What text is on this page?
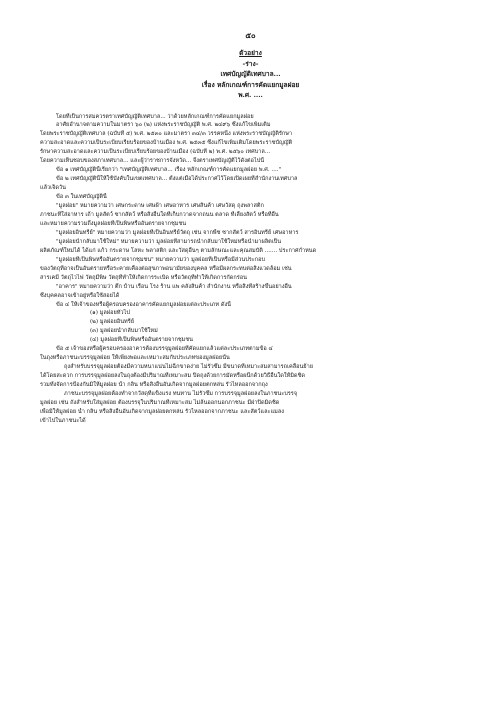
๕๐
ตัวอย่าง
-ร่าง-
เทศบัญญัติเทศบาล...
เรื่อง หลักเกณฑ์การคัดแยกมูลฝอย
พ.ศ. ....
โดยที่เป็นการสมควรตราเทศบัญญัติเทศบาล... ว่าด้วยหลักเกณฑ์การคัดแยกมูลฝอย
อาศัยอำนาจตามความในมาตรา ๖๐ (๒) แห่งพระราชบัญญัติ พ.ศ. ๒๔๙๖ ซึ่งแก้ไขเพิ่มเติม
โดยพระราชบัญญัติเทศบาล (ฉบับที่ ๕) พ.ศ. ๒๕๓๐ และมาตรา ๓๔/๓ วรรคหนึ่ง แห่งพระราชบัญญัติรักษา
ความสะอาดและความเป็นระเบียบเรียบร้อยของบ้านเมือง พ.ศ. ๒๕๓๕ ซึ่งแก้ไขเพิ่มเติมโดยพระราชบัญญัติ
รักษาความสะอาดและความเป็นระเบียบเรียบร้อยของบ้านเมือง (ฉบับที่ ๒) พ.ศ. ๒๕๖๐ เทศบาล...
โดยความเห็นชอบของสภาเทศบาล... และผู้ว่าราชการจังหวัด... จึงตราเทศบัญญัติไว้ดังต่อไปนี้
ข้อ ๑ เทศบัญญัตินี้เรียกว่า "เทศบัญญัติเทศบาล... เรื่อง หลักเกณฑ์การคัดแยกมูลฝอย พ.ศ. ...."
ข้อ ๒ เทศบัญญัตินี้ให้ใช้บังคับในเขตเทศบาล... ตั้งแต่เมื่อได้ประกาศไว้โดยเปิดเผยที่สำนักงานเทศบาล
แล้วเจ็ดวัน
ข้อ ๓ ในเทศบัญญัตินี้
"มูลฝอย" หมายความว่า เศษกระดาษ เศษผ้า เศษอาหาร เศษสินค้า เศษวัสดุ ถุงพลาสติก
ภาชนะที่ใส่อาหาร เถ้า มูลสัตว์ ซากสัตว์ หรือสิ่งอื่นใดที่เก็บกวาดจากถนน ตลาด ที่เลี้ยงสัตว์ หรือที่อื่น
และหมายความรวมถึงมูลฝอยที่เป็นพิษหรืออันตรายจากชุมชน
"มูลฝอยอินทรีย์" หมายความว่า มูลฝอยที่เป็นอินทรีย์วัตถุ เช่น จากพืช ซากสัตว์ สารอินทรีย์ เศษอาหาร
"มูลฝอยนำกลับมาใช้ใหม่" หมายความว่า มูลฝอยที่สามารถนำกลับมาใช้ใหม่หรือนำมาผลิตเป็น
ผลิตภัณฑ์ใหม่ได้ ได้แก่ แก้ว กระดาษ โลหะ พลาสติก และวัสดุอื่นๆ ตามลักษณะและคุณสมบัติ ....... ประกาศกำหนด
"มูลฝอยที่เป็นพิษหรืออันตรายจากชุมชน" หมายความว่า มูลฝอยที่เป็นหรือมีส่วนประกอบ
ของวัตถุที่อาจเป็นอันตรายหรือระคายเคืองต่อสุขภาพอนามัยของบุคคล หรือมีผลกระทบต่อสิ่งแวดล้อม เช่น
สารเคมี วัตถุไวไฟ วัตถุมีพิษ วัตถุที่ทำให้เกิดการระเบิด หรือวัตถุที่ทำให้เกิดการกัดกร่อน
"อาคาร" หมายความว่า ตึก บ้าน เรือน โรง ร้าน แพ คลังสินค้า สำนักงาน หรือสิ่งที่สร้างขึ้นอย่างอื่น
ซึ่งบุคคลอาจเข้าอยู่หรือใช้สอยได้
ข้อ ๔ ให้เจ้าของหรือผู้ครอบครองอาคารคัดแยกมูลฝอยแต่ละประเภท ดังนี้
(๑) มูลฝอยทั่วไป
(๒) มูลฝอยอินทรีย์
(๓) มูลฝอยนำกลับมาใช้ใหม่
(๔) มูลฝอยที่เป็นพิษหรืออันตรายจากชุมชน
ข้อ ๕ เจ้าของหรือผู้ครอบครองอาคารต้องบรรจุมูลฝอยที่คัดแยกแล้วแต่ละประเภทตามข้อ ๔
ในถุงหรือภาชนะบรรจุมูลฝอย ให้เพียงพอและเหมาะสมกับประเภทของมูลฝอยนั้น
ถุงสำหรับบรรจุมูลฝอยต้องมีความหนาแน่นไม่ฉีกขาดง่าย ไม่รั่วซึม มีขนาดที่เหมาะสมสามารถเคลื่อนย้าย
ได้โดยสะดวก การบรรจุมูลฝอยลงในถุงต้องมีปริมาณที่เหมาะสม ปิดถุงด้วยการมัดหรือผนึกด้วยวิธีอื่นใดให้มิดชิด
รวมทั้งจัดการป้องกันมิให้มูลฝอย น้ำ กลิ่น หรือสิ่งอื่นอันเกิดจากมูลฝอยตกหล่น รั่วไหลออกจากถุง
ภาชนะบรรจุมูลฝอยต้องทำจากวัสดุที่แข็งแรง ทนทาน ไม่รั่วซึม การบรรจุมูลฝอยลงในภาชนะบรรจุ
มูลฝอย เช่น ถังสำหรับใส่มูลฝอย ต้องบรรจุในปริมาณที่เหมาะสม ไม่ล้นออกนอกภาชนะ มีฝาปิดมิดชิด
เพื่อมิให้มูลฝอย น้ำ กลิ่น หรือสิ่งอื่นอันเกิดจากมูลฝอยตกหล่น รั่วไหลออกจากภาชนะ และสัตว์และแมลง
เข้าไปในภาชนะได้
